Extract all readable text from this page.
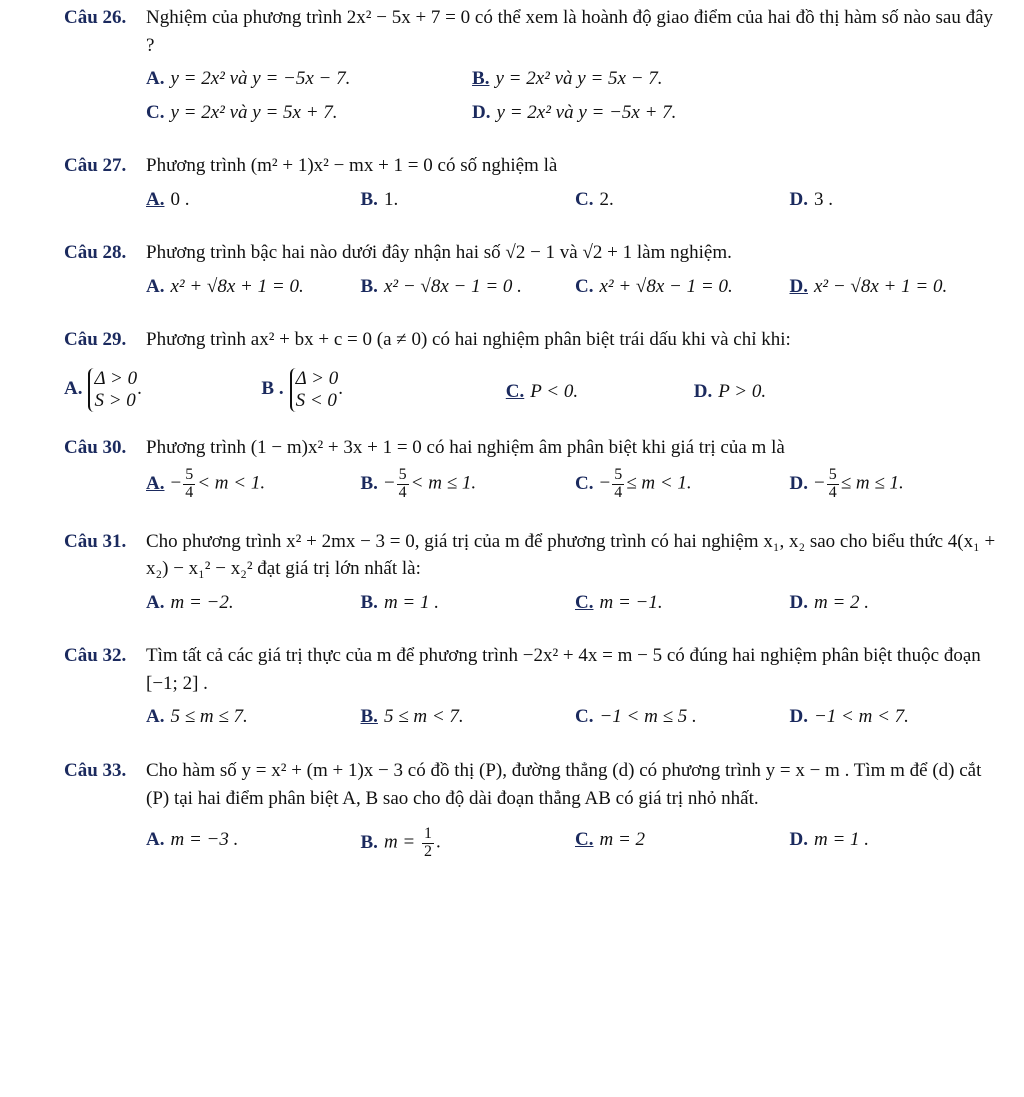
Câu 26.	Nghiệm của phương trình 2x² − 5x + 7 = 0 có thể xem là hoành độ giao điểm của hai đồ thị hàm số nào sau đây ?
A. y = 2x² và y = −5x − 7.	B. y = 2x² và y = 5x − 7.
C. y = 2x² và y = 5x + 7.	D. y = 2x² và y = −5x + 7.
Câu 27.	Phương trình (m² + 1)x² − mx + 1 = 0 có số nghiệm là
A. 0 .	B. 1.	C. 2.	D. 3 .
Câu 28.	Phương trình bậc hai nào dưới đây nhận hai số √2 − 1 và √2 + 1 làm nghiệm.
A. x² + √8x + 1 = 0.	B. x² − √8x − 1 = 0 .	C. x² + √8x − 1 = 0.	D. x² − √8x + 1 = 0.
Câu 29.	Phương trình ax² + bx + c = 0 (a ≠ 0) có hai nghiệm phân biệt trái dấu khi và chỉ khi:
A. Δ > 0
S > 0.	B . Δ > 0
S < 0.	C. P < 0.	D. P > 0.
Câu 30.	Phương trình (1 − m)x² + 3x + 1 = 0 có hai nghiệm âm phân biệt khi giá trị của m là
A. − $\frac{5}{4} < m < 1$.	B. − $\frac{5}{4} < m \le 1$.	C. − $\frac{5}{4} \le m < 1$.	D. − $\frac{5}{4} \le m \le 1$.
Câu 31.	Cho phương trình x² + 2mx − 3 = 0, giá trị của m để phương trình có hai nghiệm x₁, x₂ sao cho biểu thức 4(x₁ + x₂) − x₁² − x₂² đạt giá trị lớn nhất là:
A. m = −2.	B. m = 1 .	C. m = −1.	D. m = 2 .
Câu 32.	Tìm tất cả các giá trị thực của m để phương trình −2x² + 4x = m − 5 có đúng hai nghiệm phân biệt thuộc đoạn [−1; 2] .
A. 5 ≤ m ≤ 7.	B. 5 ≤ m < 7.	C. −1 < m ≤ 5 .	D. −1 < m < 7.
Câu 33.	Cho hàm số y = x² + (m + 1)x − 3 có đồ thị (P), đường thẳng (d) có phương trình y = x − m . Tìm m để (d) cắt (P) tại hai điểm phân biệt A, B sao cho độ dài đoạn thẳng AB có giá trị nhỏ nhất.
A. m = −3 .	B. $m = \frac{1}{2}$ .	C. m = 2	D. m = 1 .
